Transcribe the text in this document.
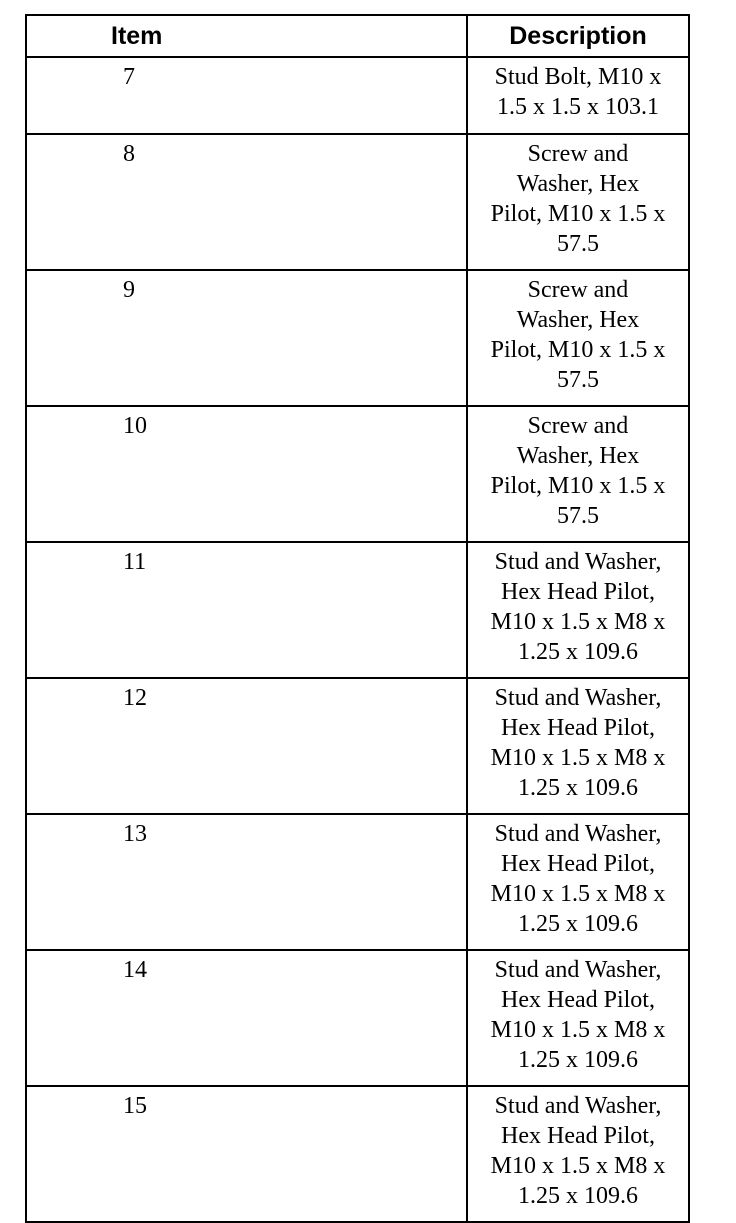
Item	Description
7	Stud Bolt, M10 x
1.5 x 1.5 x 103.1

8	Screw and
Washer, Hex
Pilot, M10 x 1.5 x
57.5

9	Screw and
Washer, Hex
Pilot, M10 x 1.5 x
57.5

10	Screw and
Washer, Hex
Pilot, M10 x 1.5 x
57.5

11	Stud and Washer,
Hex Head Pilot,
M10 x 1.5 x M8 x
1.25 x 109.6

12	Stud and Washer,
Hex Head Pilot,
M10 x 1.5 x M8 x
1.25 x 109.6

13	Stud and Washer,
Hex Head Pilot,
M10 x 1.5 x M8 x
1.25 x 109.6

14	Stud and Washer,
Hex Head Pilot,
M10 x 1.5 x M8 x
1.25 x 109.6

15	Stud and Washer,
Hex Head Pilot,
M10 x 1.5 x M8 x
1.25 x 109.6
